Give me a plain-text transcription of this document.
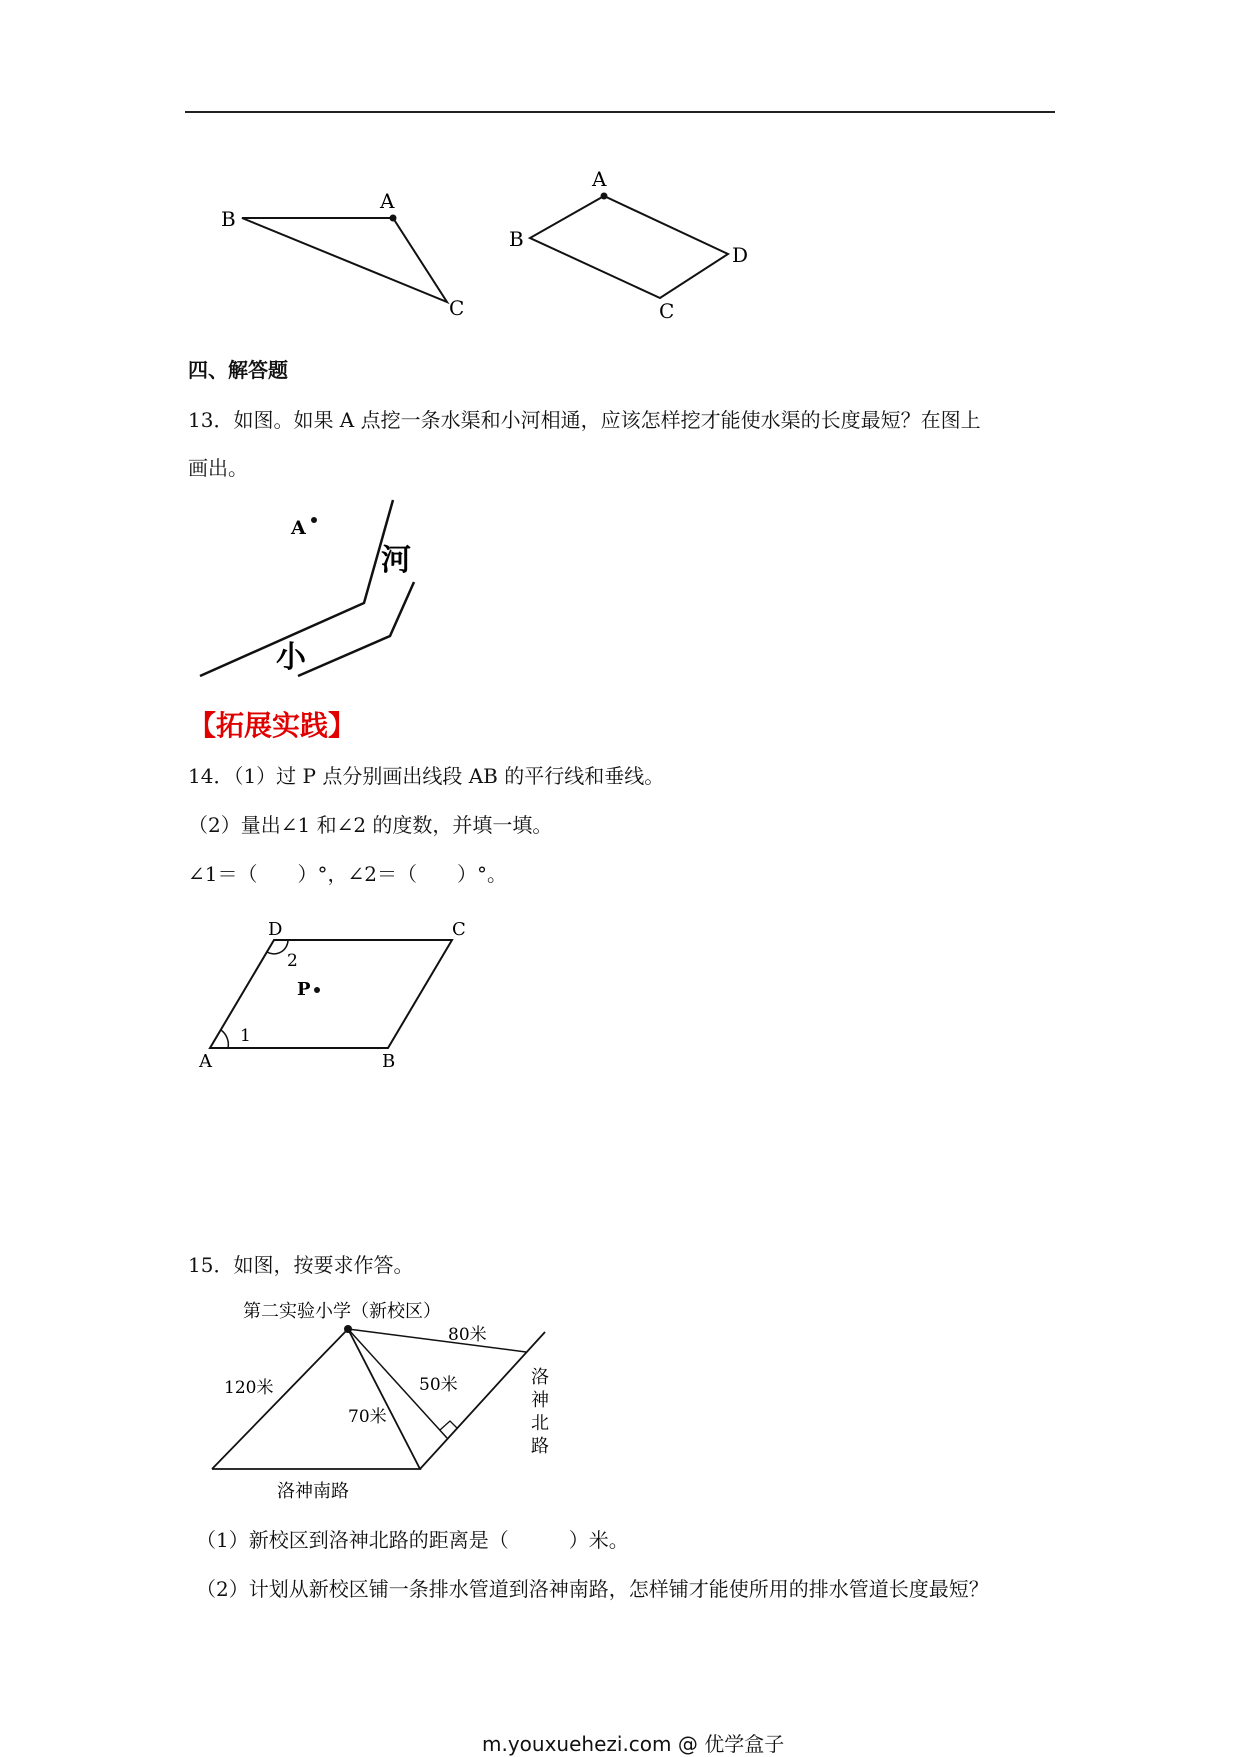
A
B
C
A
B
C
D
四、解答题
13．如图。如果 A 点挖一条水渠和小河相通，应该怎样挖才能使水渠的长度最短？在图上
画出。
A
河
小
【拓展实践】
14．（1）过 P 点分别画出线段 AB 的平行线和垂线。
（2）量出∠1 和∠2 的度数，并填一填。
∠1＝（　　）°，∠2＝（　　）°。
D	C
A	B
P
1
2
15．如图，按要求作答。
第二实验小学（新校区）
80米
120米	50米
70米
洛神南路
洛
神
北
路
（1）新校区到洛神北路的距离是（　　　）米。
（2）计划从新校区铺一条排水管道到洛神南路，怎样铺才能使所用的排水管道长度最短？
m.youxuehezi.com @ 优学盒子
